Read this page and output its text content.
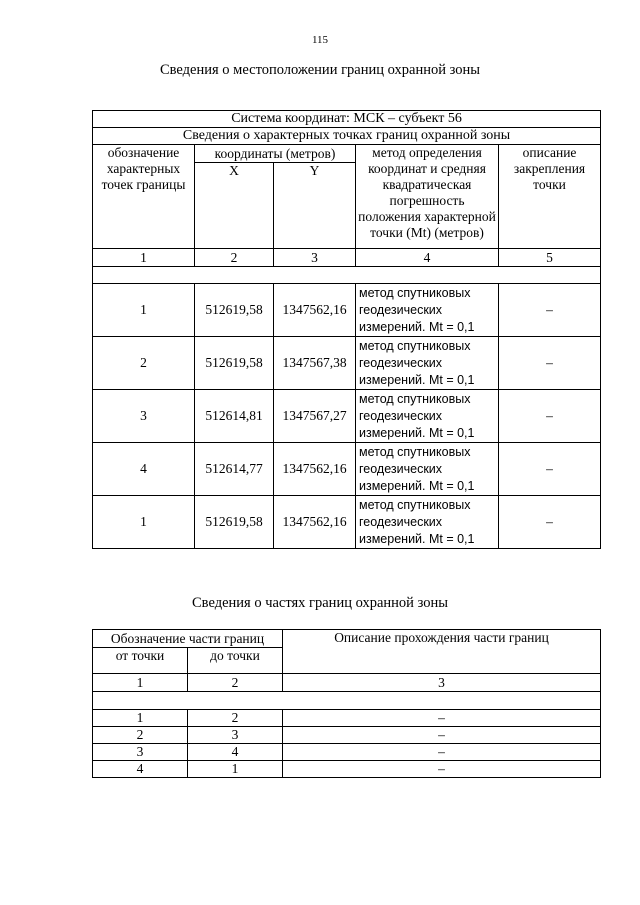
115
Сведения о местоположении границ охранной зоны
Система координат: МСК – субъект 56				
Сведения о характерных точках границ охранной зоны				
обозначение характерных точек границы	координаты (метров)		метод определения координат и средняя квадратическая погрешность положения характерной точки (Mt) (метров)	описание закрепления точки
	X	Y		
1	2	3	4	5

1	512619,58	1347562,16	метод спутниковых геодезических измерений. Mt = 0,1	–
2	512619,58	1347567,38	метод спутниковых геодезических измерений. Mt = 0,1	–
3	512614,81	1347567,27	метод спутниковых геодезических измерений. Mt = 0,1	–
4	512614,77	1347562,16	метод спутниковых геодезических измерений. Mt = 0,1	–
1	512619,58	1347562,16	метод спутниковых геодезических измерений. Mt = 0,1	–
Сведения о частях границ охранной зоны
Обозначение части границ		Описание прохождения части границ
от точки	до точки	
1	2	3

1	2	–
2	3	–
3	4	–
4	1	–
